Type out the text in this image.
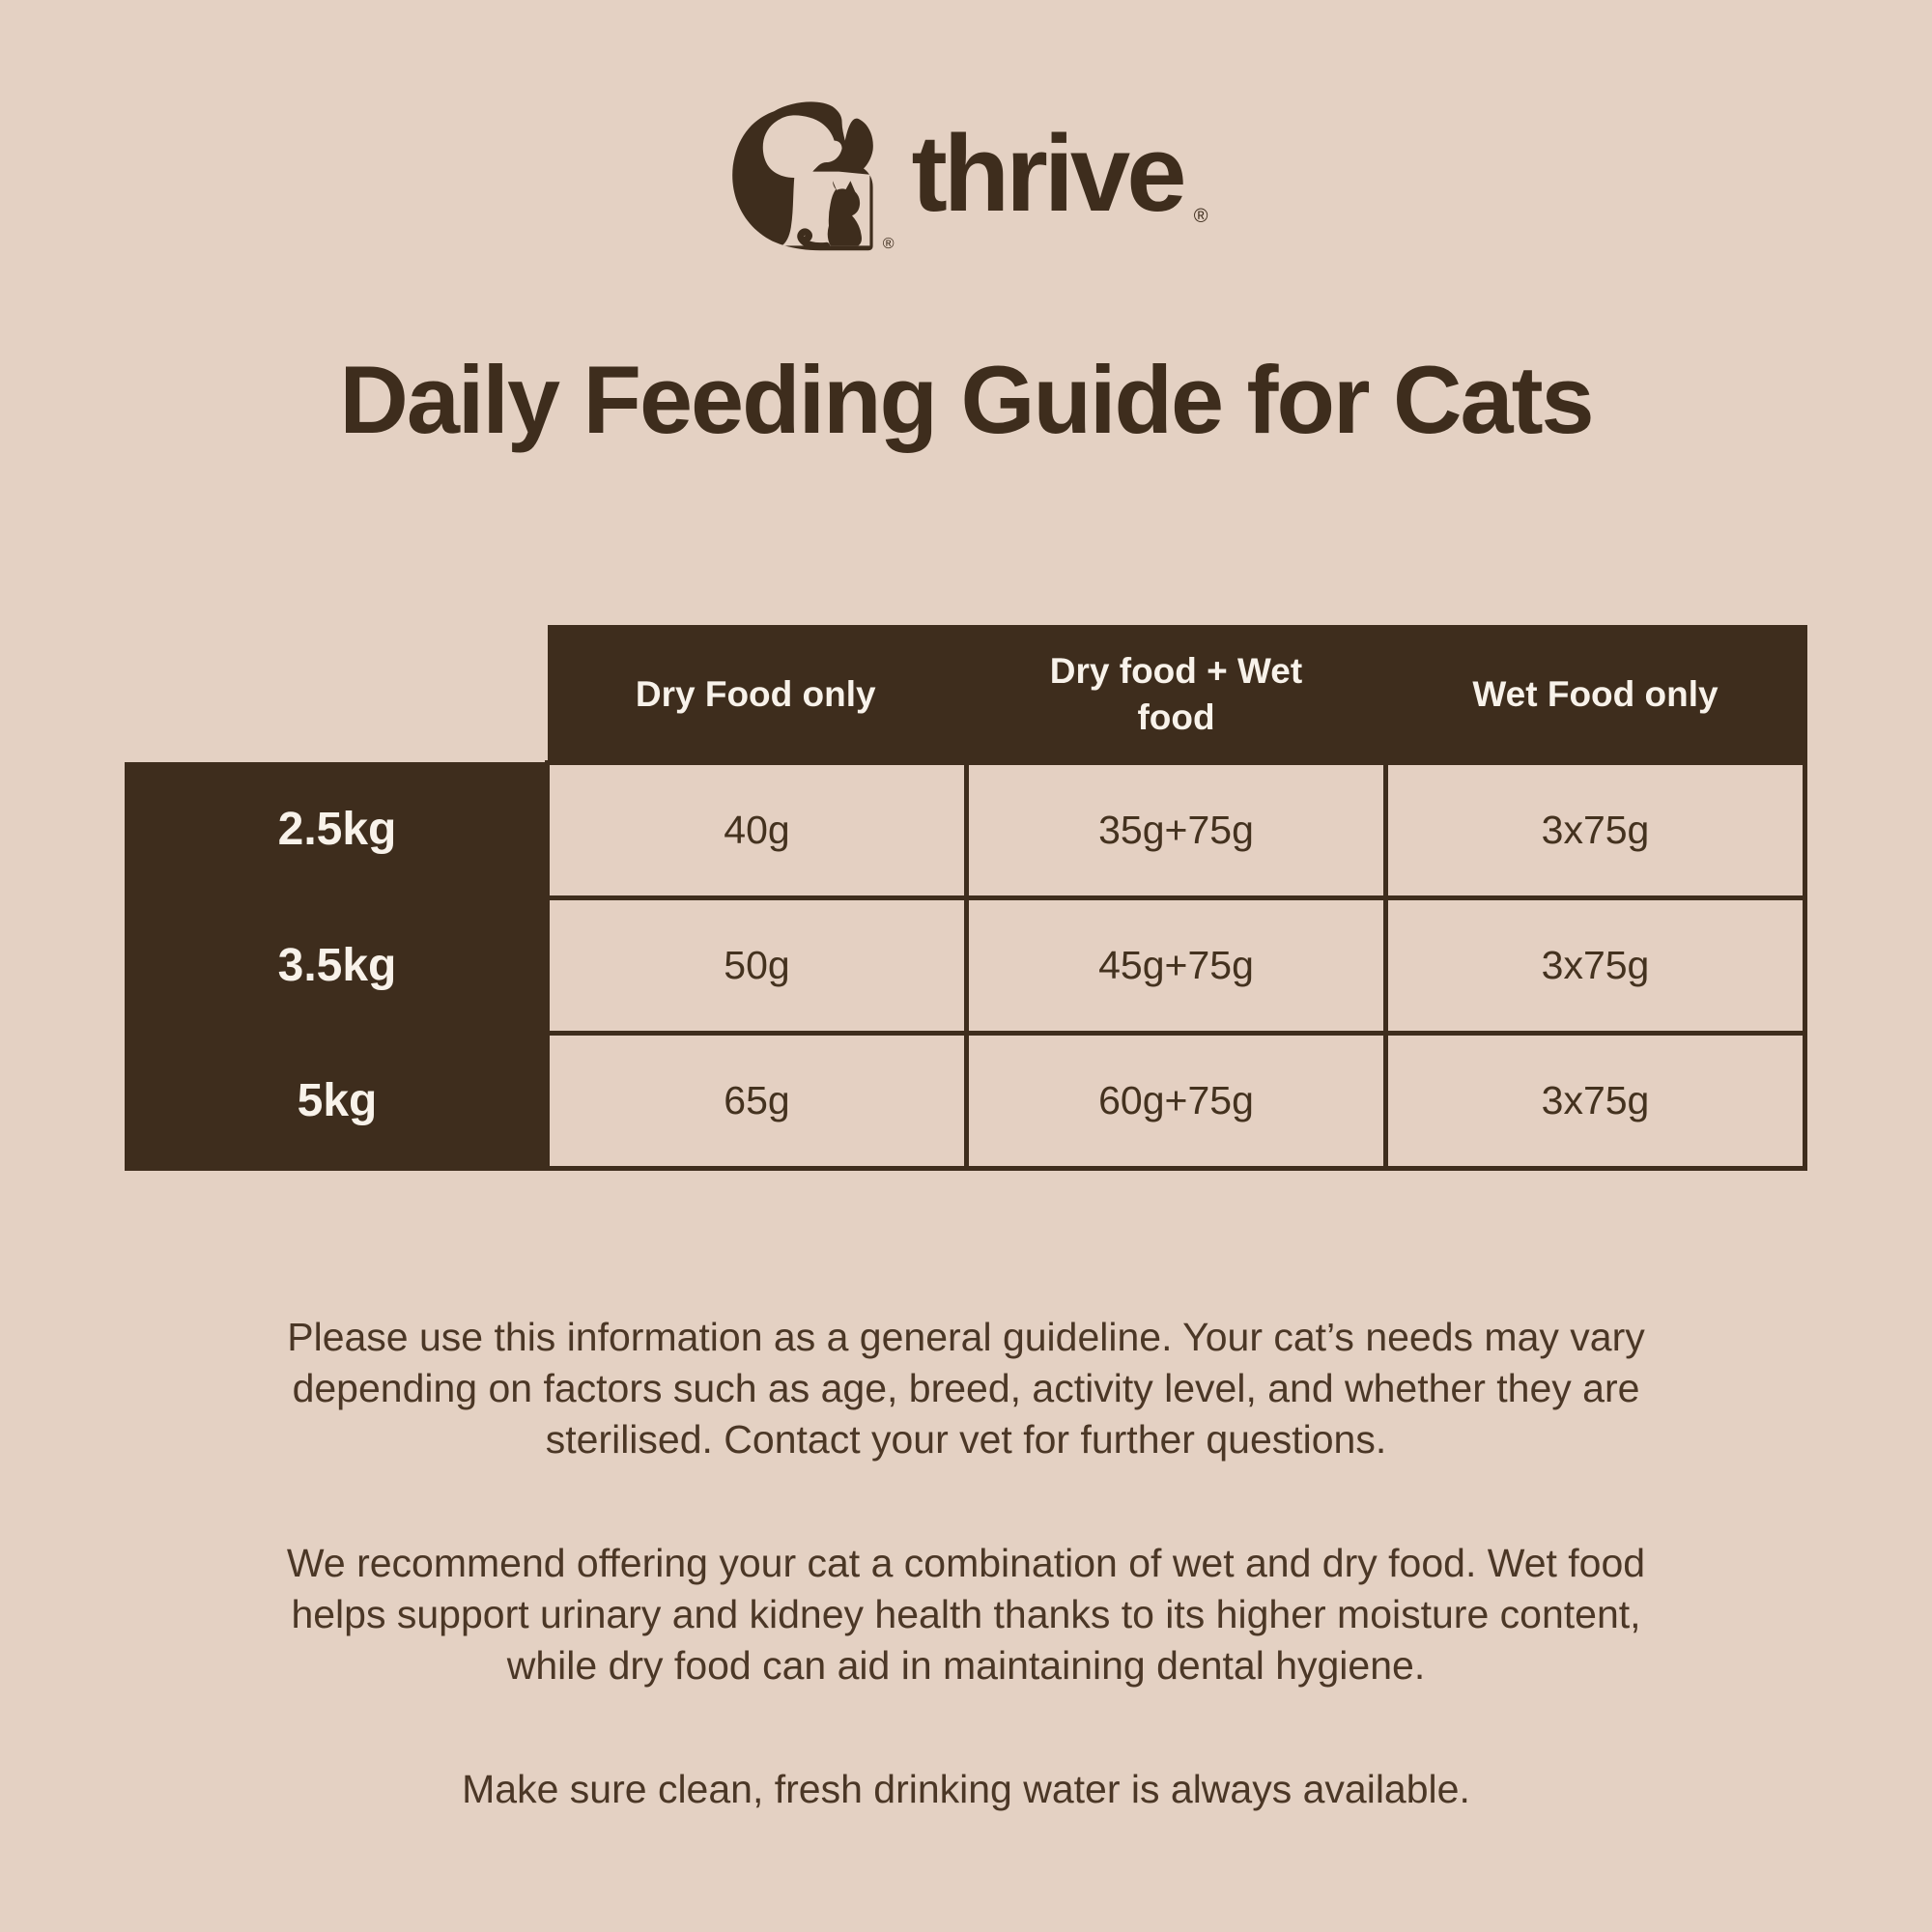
®
thrive ®
Daily Feeding Guide for Cats
	Dry Food only	Dry food + Wet food	Wet Food only
2.5kg	40g	35g+75g	3x75g
3.5kg	50g	45g+75g	3x75g
5kg	65g	60g+75g	3x75g
Please use this information as a general guideline. Your cat’s needs may vary
depending on factors such as age, breed, activity level, and whether they are
sterilised. Contact your vet for further questions.
We recommend offering your cat a combination of wet and dry food. Wet food
helps support urinary and kidney health thanks to its higher moisture content,
while dry food can aid in maintaining dental hygiene.
Make sure clean, fresh drinking water is always available.
